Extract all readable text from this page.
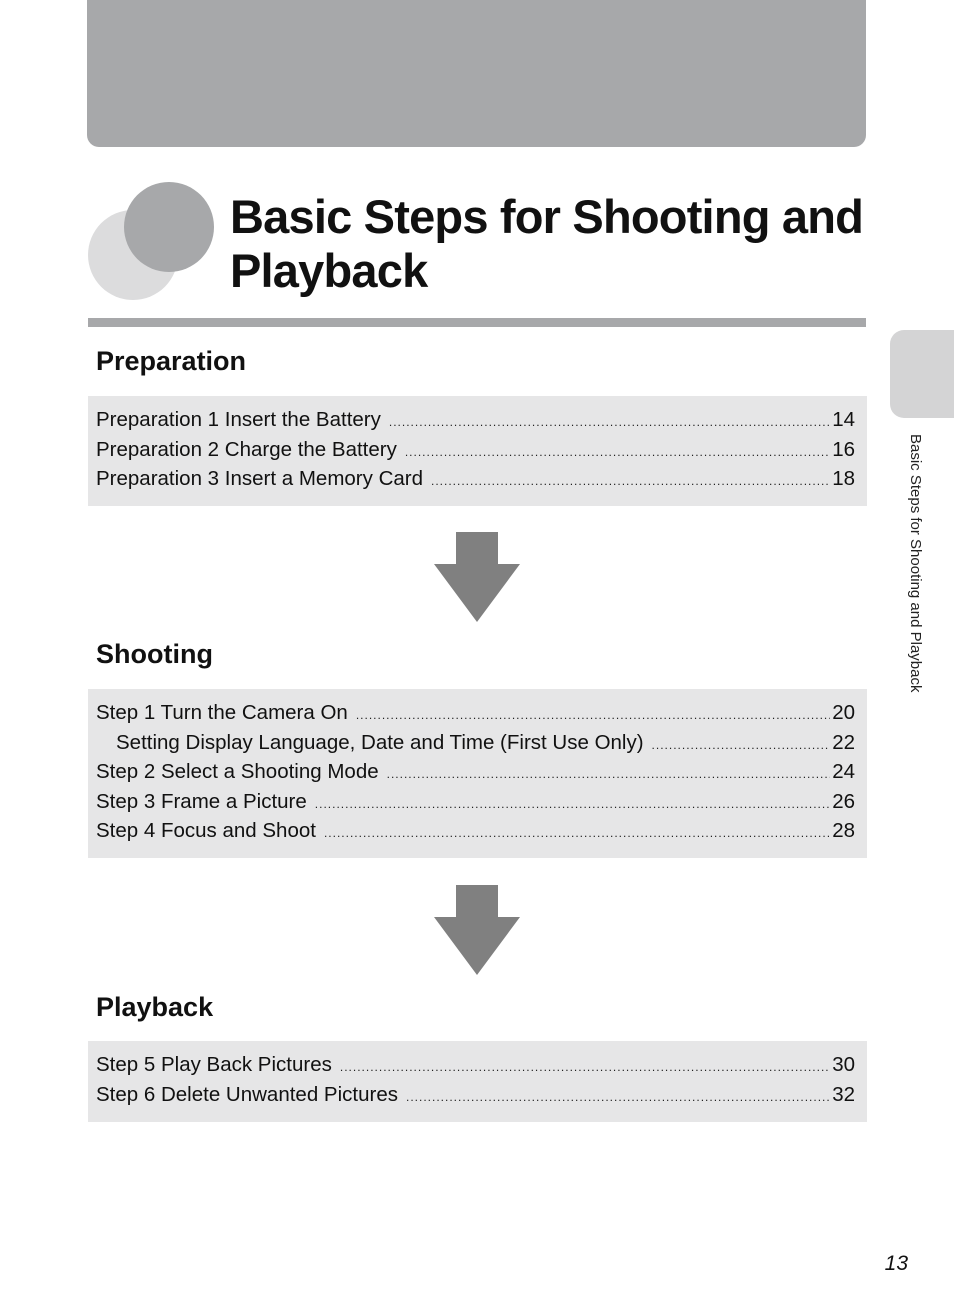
Basic Steps for Shooting and Playback
Basic Steps for Shooting and Playback
Preparation
Preparation 1 Insert the Battery .....	14
Preparation 2 Charge the Battery .....	16
Preparation 3 Insert a Memory Card .....	18
Shooting
Step 1 Turn the Camera On .....	20
Setting Display Language, Date and Time (First Use Only) .....	22
Step 2 Select a Shooting Mode .....	24
Step 3 Frame a Picture .....	26
Step 4 Focus and Shoot .....	28
Playback
Step 5 Play Back Pictures .....	30
Step 6 Delete Unwanted Pictures .....	32
13
